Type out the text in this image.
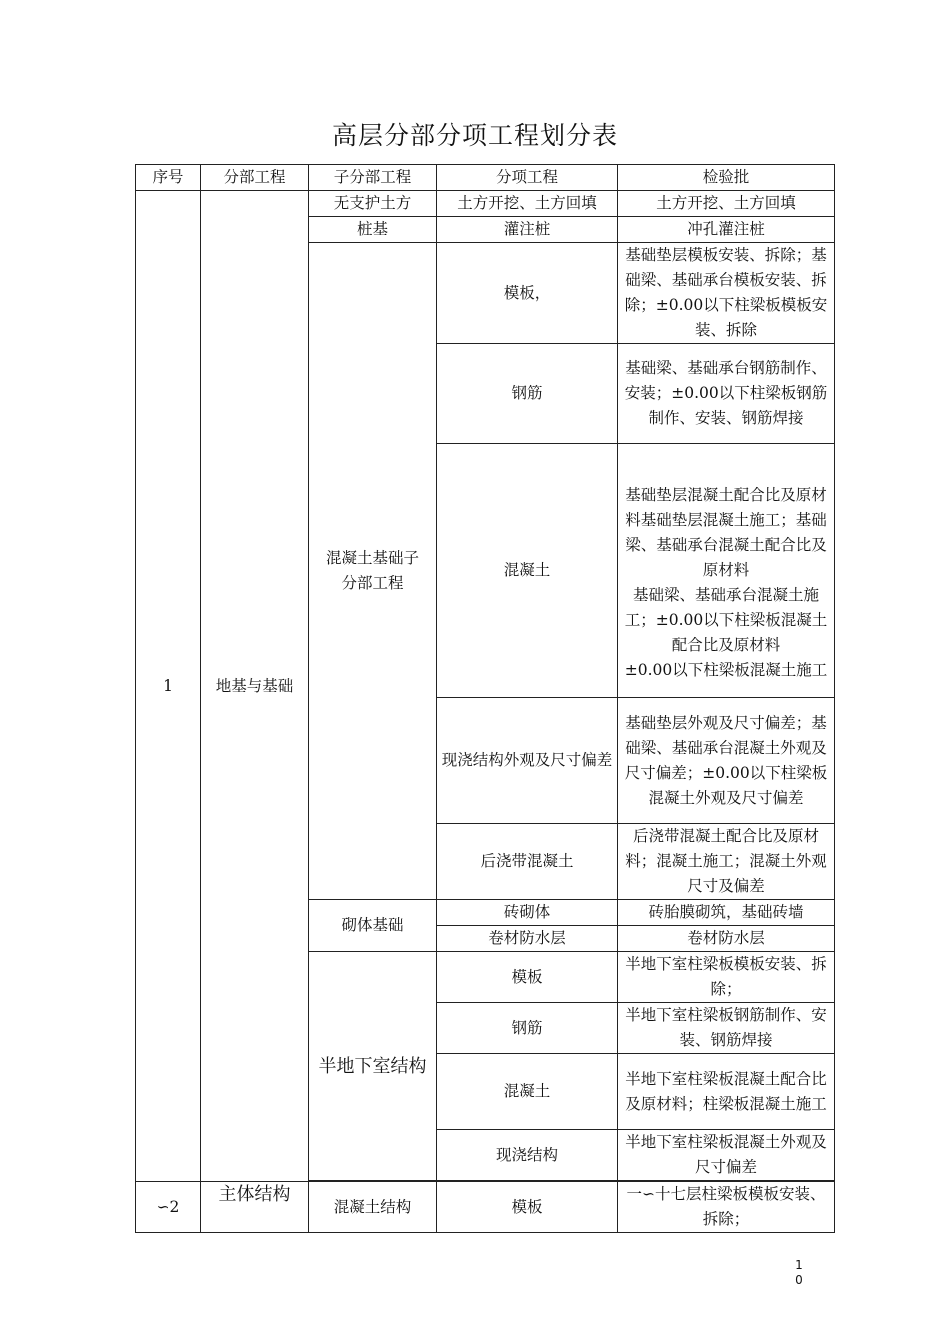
高层分部分项工程划分表
序号	分部工程	子分部工程	分项工程	检验批
1	地基与基础	无支护土方	土方开挖、土方回填	土方开挖、土方回填
		桩基	灌注桩	冲孔灌注桩
		混凝土基础子分部工程	模板，	基础垫层模板安装、拆除；基础梁、基础承台模板安装、拆除；±0.00以下柱梁板模板安装、拆除
			钢筋	基础梁、基础承台钢筋制作、安装；±0.00以下柱梁板钢筋制作、安装、钢筋焊接
			混凝土	基础垫层混凝土配合比及原材料基础垫层混凝土施工；基础梁、基础承台混凝土配合比及原材料
基础梁、基础承台混凝土施工；±0.00以下柱梁板混凝土配合比及原材料
±0.00以下柱梁板混凝土施工

			现浇结构外观及尺寸偏差	基础垫层外观及尺寸偏差；基础梁、基础承台混凝土外观及尺寸偏差；±0.00以下柱梁板混凝土外观及尺寸偏差
			后浇带混凝土	后浇带混凝土配合比及原材料；混凝土施工；混凝土外观尺寸及偏差
		砌体基础	砖砌体	砖胎膜砌筑，基础砖墙
			卷材防水层	卷材防水层
		半地下室结构	模板	半地下室柱梁板模板安装、拆除；
			钢筋	半地下室柱梁板钢筋制作、安装、钢筋焊接
			混凝土	半地下室柱梁板混凝土配合比及原材料；柱梁板混凝土施工
			现浇结构	半地下室柱梁板混凝土外观及尺寸偏差

∽2	主体结构	混凝土结构	模板	一∽十七层柱梁板模板安装、拆除；
10
